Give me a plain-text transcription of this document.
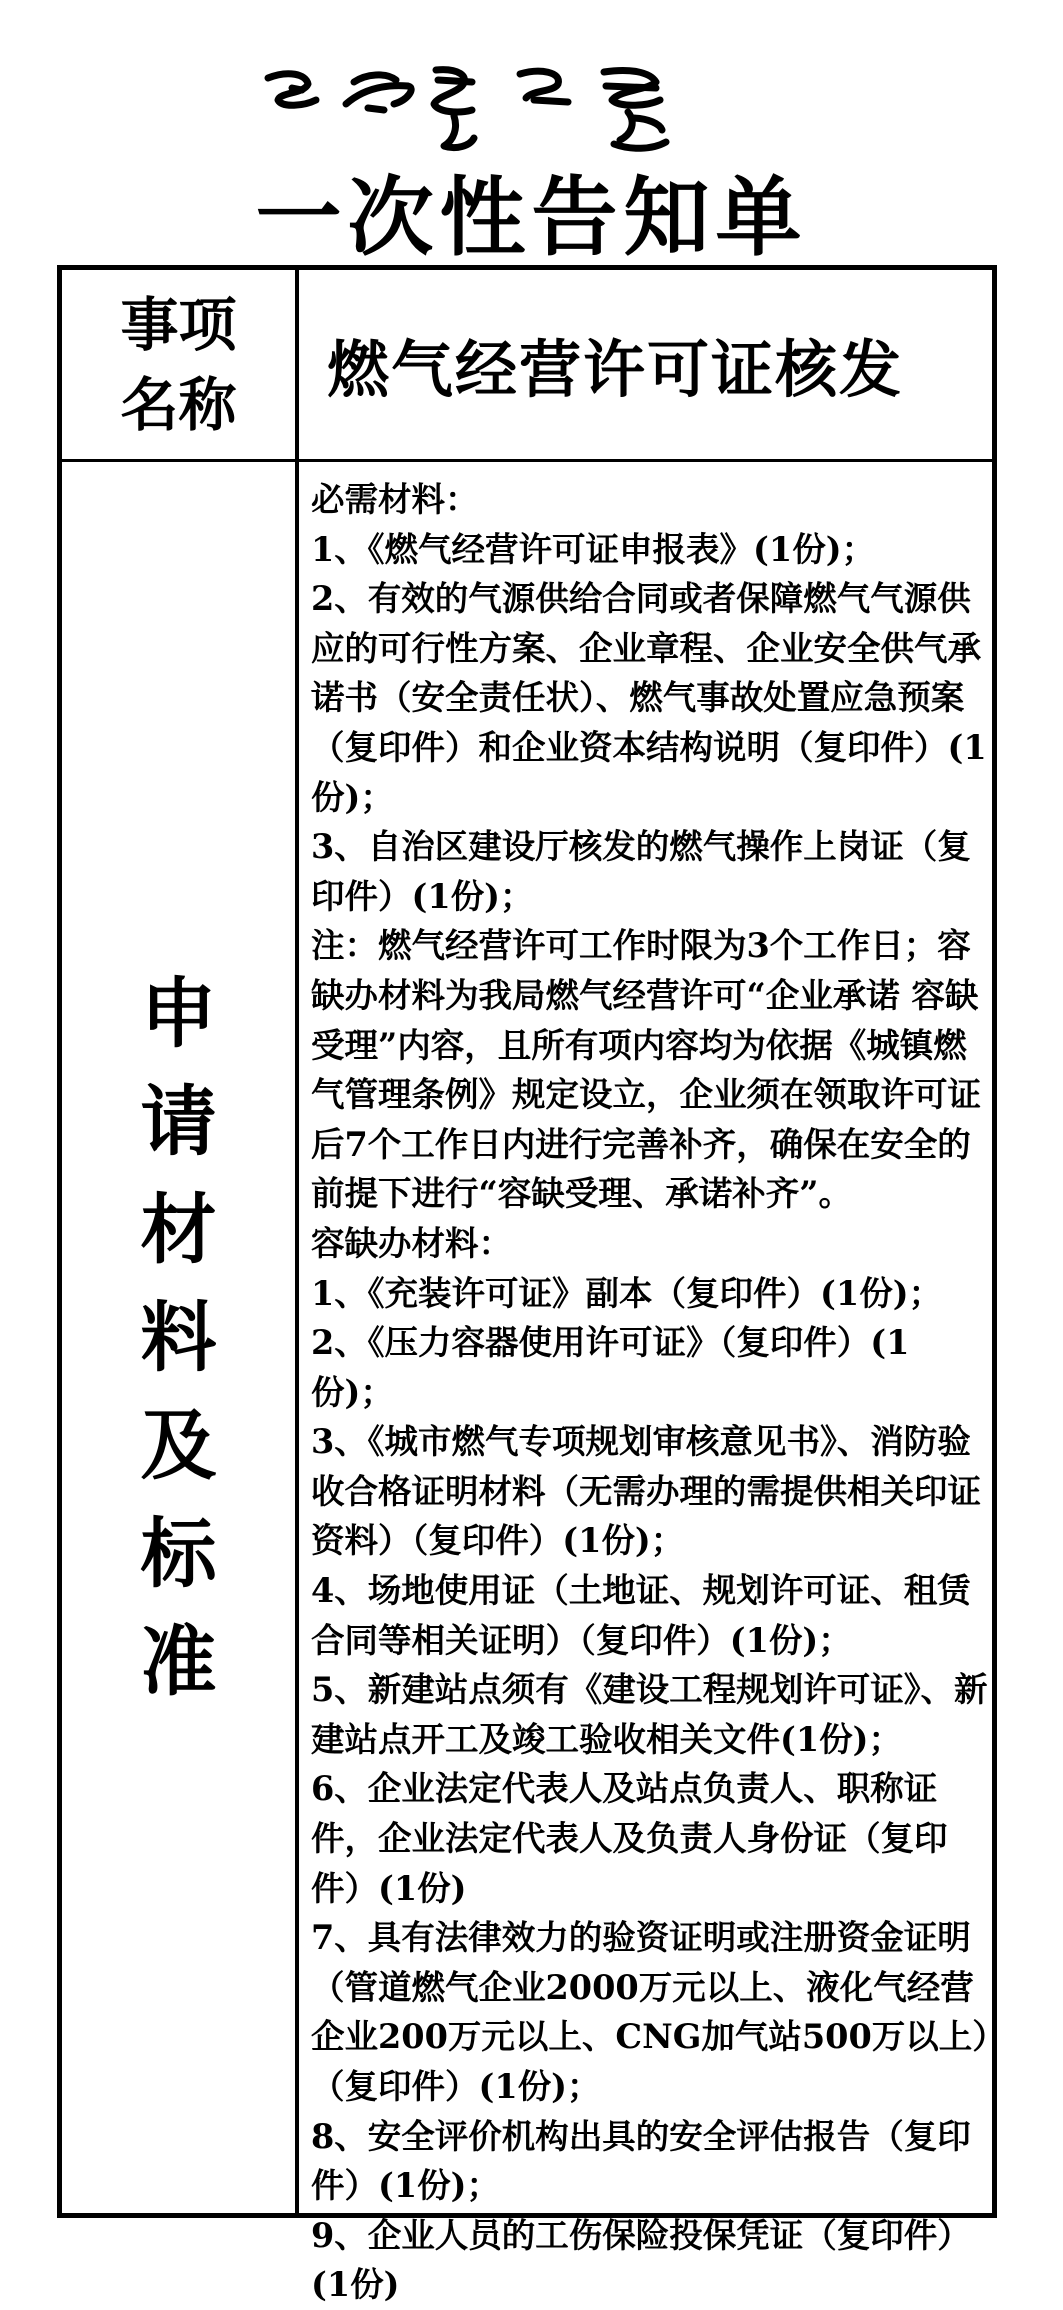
一次性告知单
事项名称	燃气经营许可证核发
申请材料及标准

必需材料：

1、《燃气经营许可证申报表》(1份)；

2、有效的气源供给合同或者保障燃气气源供应的可行性方案、企业章程、企业安全供气承诺书（安全责任状）、燃气事故处置应急预案（复印件）和企业资本结构说明（复印件）(1份)；

3、自治区建设厅核发的燃气操作上岗证（复印件）(1份)；

注：燃气经营许可工作时限为3个工作日；容缺办材料为我局燃气经营许可“企业承诺 容缺受理”内容，且所有项内容均为依据《城镇燃气管理条例》规定设立，企业须在领取许可证后7个工作日内进行完善补齐，确保在安全的前提下进行“容缺受理、承诺补齐”。

容缺办材料：

1、《充装许可证》副本（复印件）(1份)；

2、《压力容器使用许可证》（复印件）(1份)；

3、《城市燃气专项规划审核意见书》、消防验收合格证明材料（无需办理的需提供相关印证资料）（复印件）(1份)；

4、场地使用证（土地证、规划许可证、租赁合同等相关证明）（复印件）(1份)；

5、新建站点须有《建设工程规划许可证》、新建站点开工及竣工验收相关文件(1份)；

6、企业法定代表人及站点负责人、职称证件，企业法定代表人及负责人身份证（复印件）(1份)

7、具有法律效力的验资证明或注册资金证明（管道燃气企业2000万元以上、液化气经营企业200万元以上、CNG加气站500万以上）（复印件）(1份)；

8、安全评价机构出具的安全评估报告（复印件）(1份)；

9、企业人员的工伤保险投保凭证（复印件）(1份)
